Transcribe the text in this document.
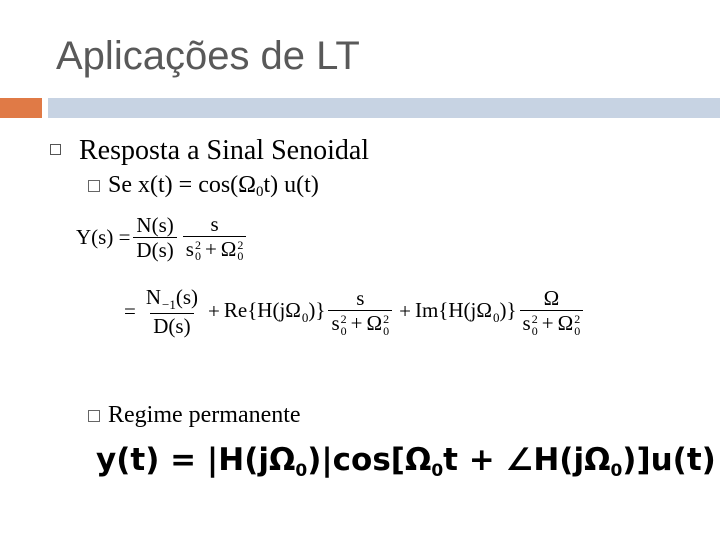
Aplicações de LT
Resposta a Sinal Senoidal
Se $x(t) = \cos(\Omega_0t)$ u(t)
$Y(s) = \frac{N(s)}{D(s)}$ s
s 2
0 + Ω 2
0
= $\frac{N_{-1}(s)}{D(s)} + Re\{H(j\Omega_0)\}$ s
s 2
0 + Ω 2
$0 + Im\{H(j\Omega_0)\}$ Ω
s 2
0 + Ω 2
0
Regime permanente
y(t) = |H(jΩ0)|cos[Ω0t + ∠H(jΩ0)]u(t)
